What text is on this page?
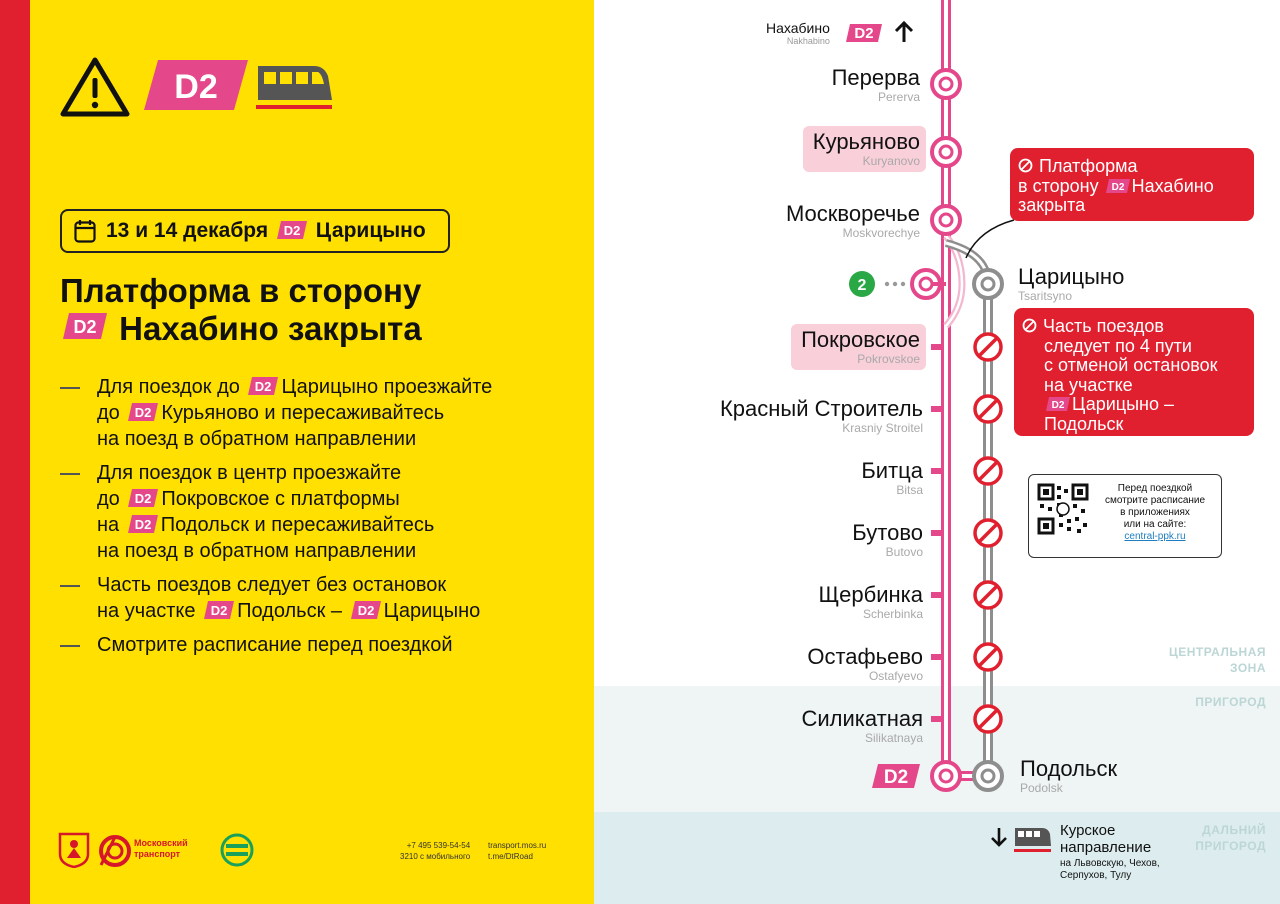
D2
13 и 14 декабря D2 Царицыно
Платформа в сторону
D2 Нахабино закрыта
Для поездок до D2 Царицыно проезжайте
до D2 Курьяново и пересаживайтесь
на поезд в обратном направлении
Для поездок в центр проезжайте
до D2 Покровское с платформы
на D2 Подольск и пересаживайтесь
на поезд в обратном направлении
Часть поездов следует без остановок
на участке D2 Подольск – D2 Царицыно
Смотрите расписание перед поездкой
Московский
транспорт
+7 495 539-54-54
3210 с мобильного
transport.mos.ru
t.me/DtRoad
ЦЕНТРАЛЬНАЯ
ЗОНА
ПРИГОРОД
ДАЛЬНИЙ
ПРИГОРОД
D2
2
D2
Нахабино
Nakhabino
Перерва
Pererva
Курьяново
Kuryanovo
Москворечье
Moskvorechye
Царицыно
Tsaritsyno
Покровское
Pokrovskoe
Красный Строитель
Krasniy Stroitel
Битца
Bitsa
Бутово
Butovo
Щербинка
Scherbinka
Остафьево
Ostafyevo
Силикатная
Silikatnaya
Подольск
Podolsk
Платформа
в сторону D2 Нахабино
закрыта
Часть поездов
следует по 4 пути
с отменой остановок
на участке
D2 Царицыно –
Подольск
Перед поездкой
смотрите расписание
в приложениях
или на сайте:
central-ppk.ru
Курское
направление
на Львовскую, Чехов,
Серпухов, Тулу
